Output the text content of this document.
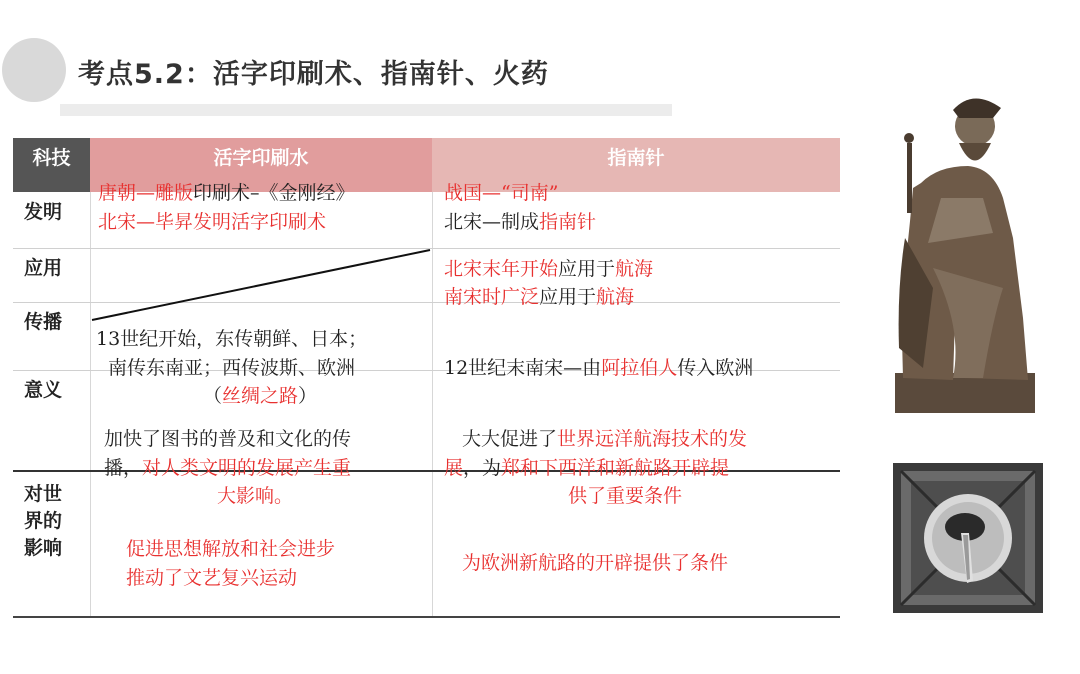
考点5.2：活字印刷术、指南针、火药
科技	活字印刷水	指南针
发明
应用
传播
意义
对世
界的
影响
唐朝—雕版印刷术–《金刚经》
北宋—毕昇发明活字印刷术
战国—“司南”
北宋—制成指南针
北宋末年开始应用于航海
南宋时广泛应用于航海
13世纪开始，东传朝鲜、日本；
南传东南亚；西传波斯、欧洲
（丝绸之路）
12世纪末南宋—由阿拉伯人传入欧洲
加快了图书的普及和文化的传
播，对人类文明的发展产生重
大影响。
大大促进了世界远洋航海技术的发
展，为郑和下西洋和新航路开辟提
供了重要条件
促进思想解放和社会进步
推动了文艺复兴运动
为欧洲新航路的开辟提供了条件
